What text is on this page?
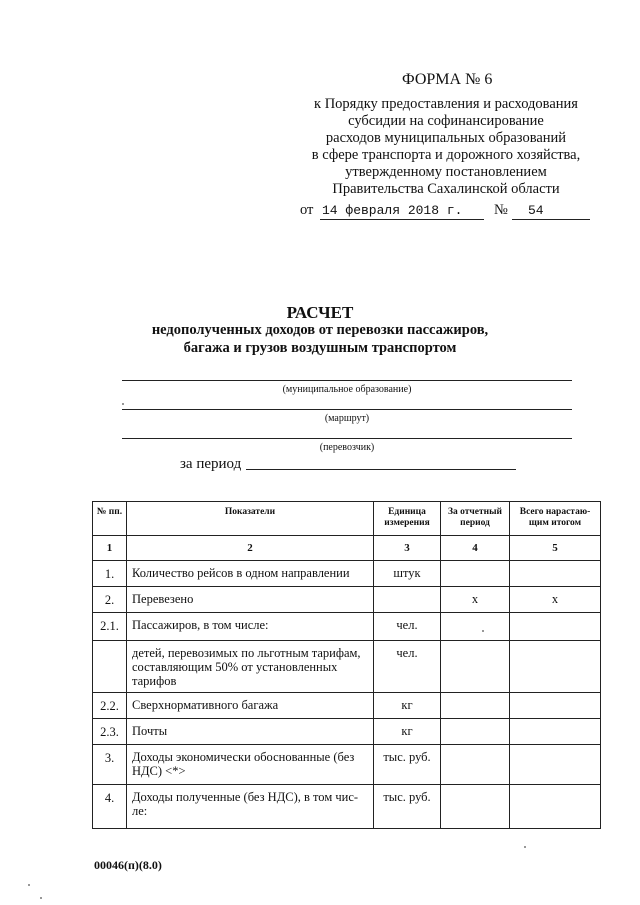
ФОРМА № 6
к Порядку предоставления и расходования
субсидии на софинансирование
расходов муниципальных образований
в сфере транспорта и дорожного хозяйства,
утвержденному постановлением
Правительства Сахалинской области
от 14 февраля 2018 г. № 54
РАСЧЕТ
недополученных доходов от перевозки пассажиров,
багажа и грузов воздушным транспортом
(муниципальное образование)
(маршрут)
(перевозчик)
за период
№ пп.	Показатели	Единица измерения	За отчетный период	Всего нарастаю-щим итогом
1	2	3	4	5
1.	Количество рейсов в одном направлении	штук		
2.	Перевезено		x	x
2.1.	Пассажиров, в том числе:	чел.		
	детей, перевозимых по льготным тарифам, составляющим 50% от установленных тарифов	чел.		
2.2.	Сверхнормативного багажа	кг		
2.3.	Почты	кг		
3.	Доходы экономически обоснованные (без НДС) <*>	тыс. руб.		
4.	Доходы полученные (без НДС), в том чис-ле:	тыс. руб.		
00046(п)(8.0)
